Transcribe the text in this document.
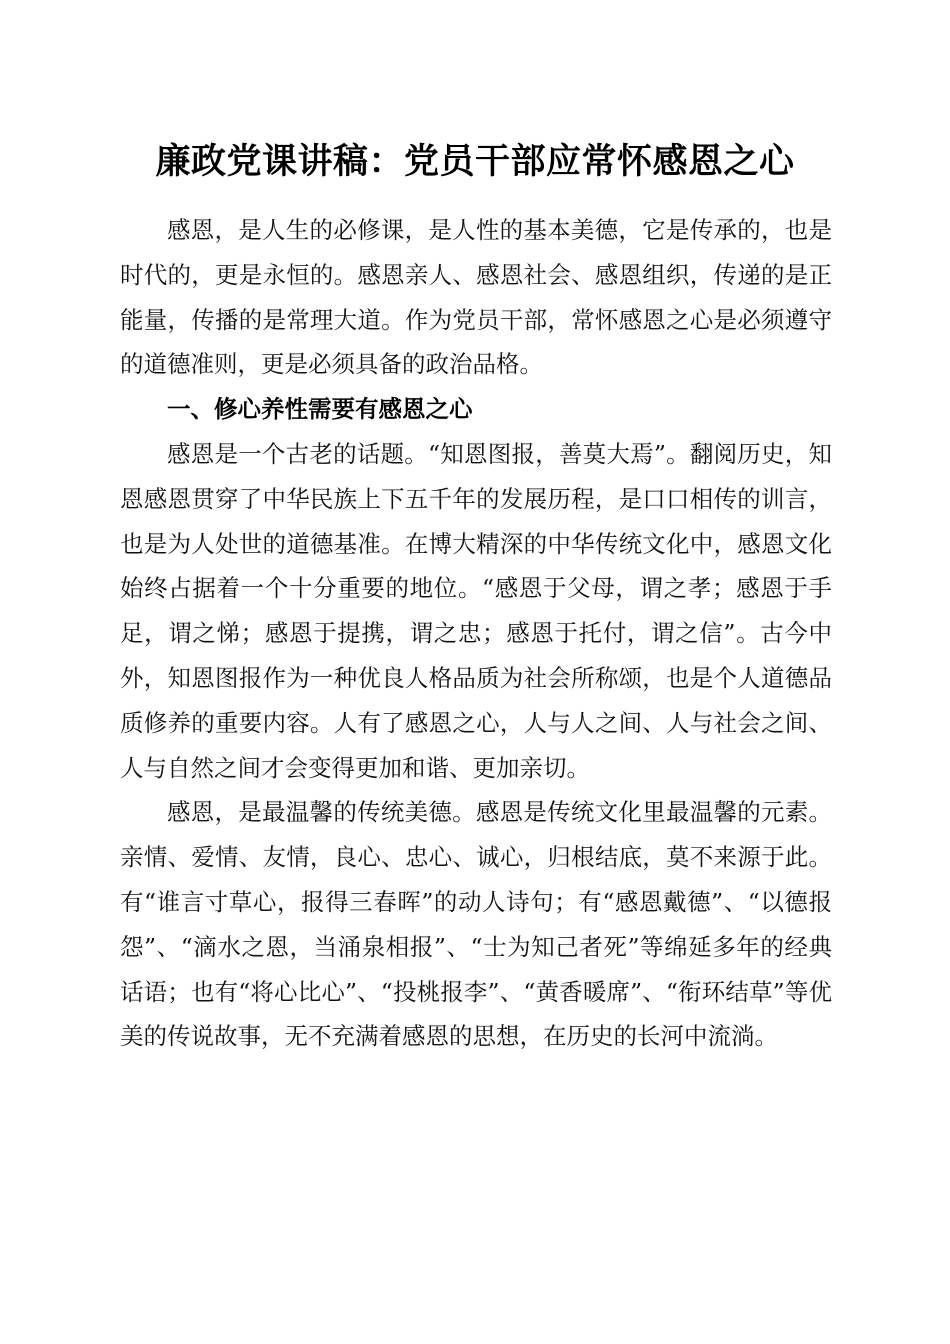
廉政党课讲稿：党员干部应常怀感恩之心

感恩，是人生的必修课，是人性的基本美德，它是传承的，也是时代的，更是永恒的。感恩亲人、感恩社会、感恩组织，传递的是正能量，传播的是常理大道。作为党员干部，常怀感恩之心是必须遵守的道德准则，更是必须具备的政治品格。

一、修心养性需要有感恩之心

感恩是一个古老的话题。“知恩图报，善莫大焉”。翻阅历史，知恩感恩贯穿了中华民族上下五千年的发展历程，是口口相传的训言，也是为人处世的道德基准。在博大精深的中华传统文化中，感恩文化始终占据着一个十分重要的地位。“感恩于父母，谓之孝；感恩于手足，谓之悌；感恩于提携，谓之忠；感恩于托付，谓之信”。古今中外，知恩图报作为一种优良人格品质为社会所称颂，也是个人道德品质修养的重要内容。人有了感恩之心，人与人之间、人与社会之间、人与自然之间才会变得更加和谐、更加亲切。

感恩，是最温馨的传统美德。感恩是传统文化里最温馨的元素。亲情、爱情、友情，良心、忠心、诚心，归根结底，莫不来源于此。有“谁言寸草心，报得三春晖”的动人诗句；有“感恩戴德”、“以德报怨”、“滴水之恩，当涌泉相报”、“士为知己者死”等绵延多年的经典话语；也有“将心比心”、“投桃报李”、“黄香暖席”、“衔环结草”等优美的传说故事，无不充满着感恩的思想，在历史的长河中流淌。
